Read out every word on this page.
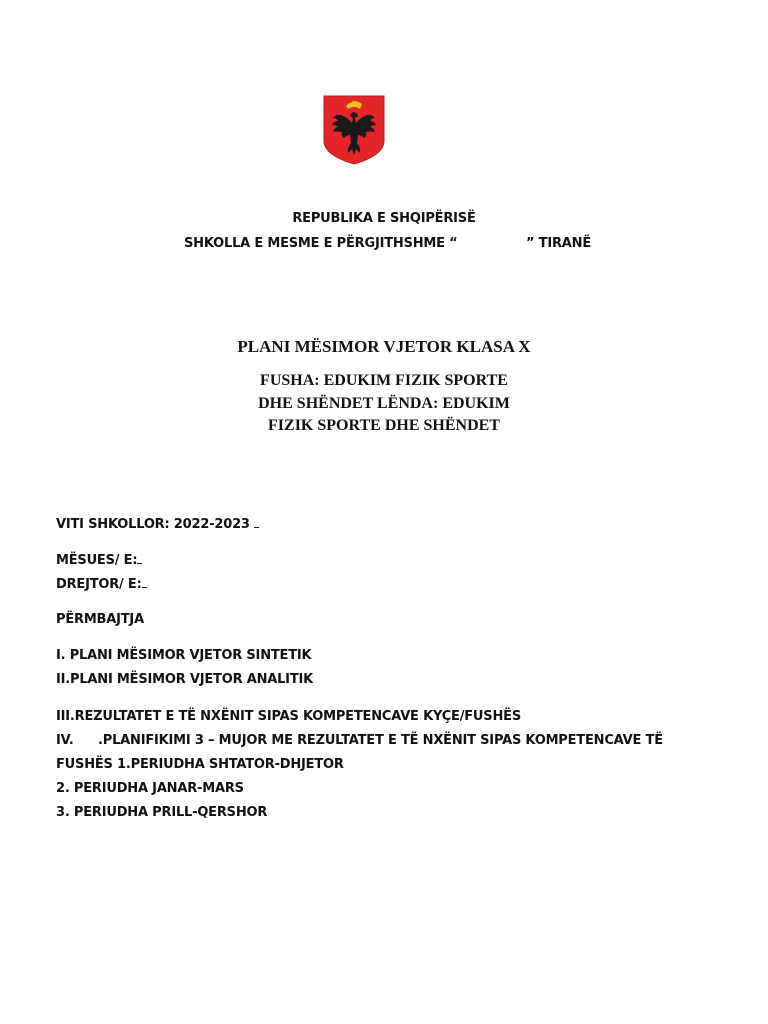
REPUBLIKA E SHQIPËRISË
SHKOLLA E MESME E PËRGJITHSHME “	” TIRANË
PLANI MËSIMOR VJETOR KLASA X
FUSHA: EDUKIM FIZIK SPORTE
DHE SHËNDET LËNDA: EDUKIM
FIZIK SPORTE DHE SHËNDET
VITI SHKOLLOR: 2022-2023
MËSUES/ E:
DREJTOR/ E:
PËRMBAJTJA
I. PLANI MËSIMOR VJETOR SINTETIK
II.PLANI MËSIMOR VJETOR ANALITIK
III.REZULTATET E TË NXËNIT SIPAS KOMPETENCAVE KYÇE/FUSHËS
IV. .PLANIFIKIMI 3 – MUJOR ME REZULTATET E TË NXËNIT SIPAS KOMPETENCAVE TË
FUSHËS 1.PERIUDHA SHTATOR-DHJETOR
2. PERIUDHA JANAR-MARS
3. PERIUDHA PRILL-QERSHOR
